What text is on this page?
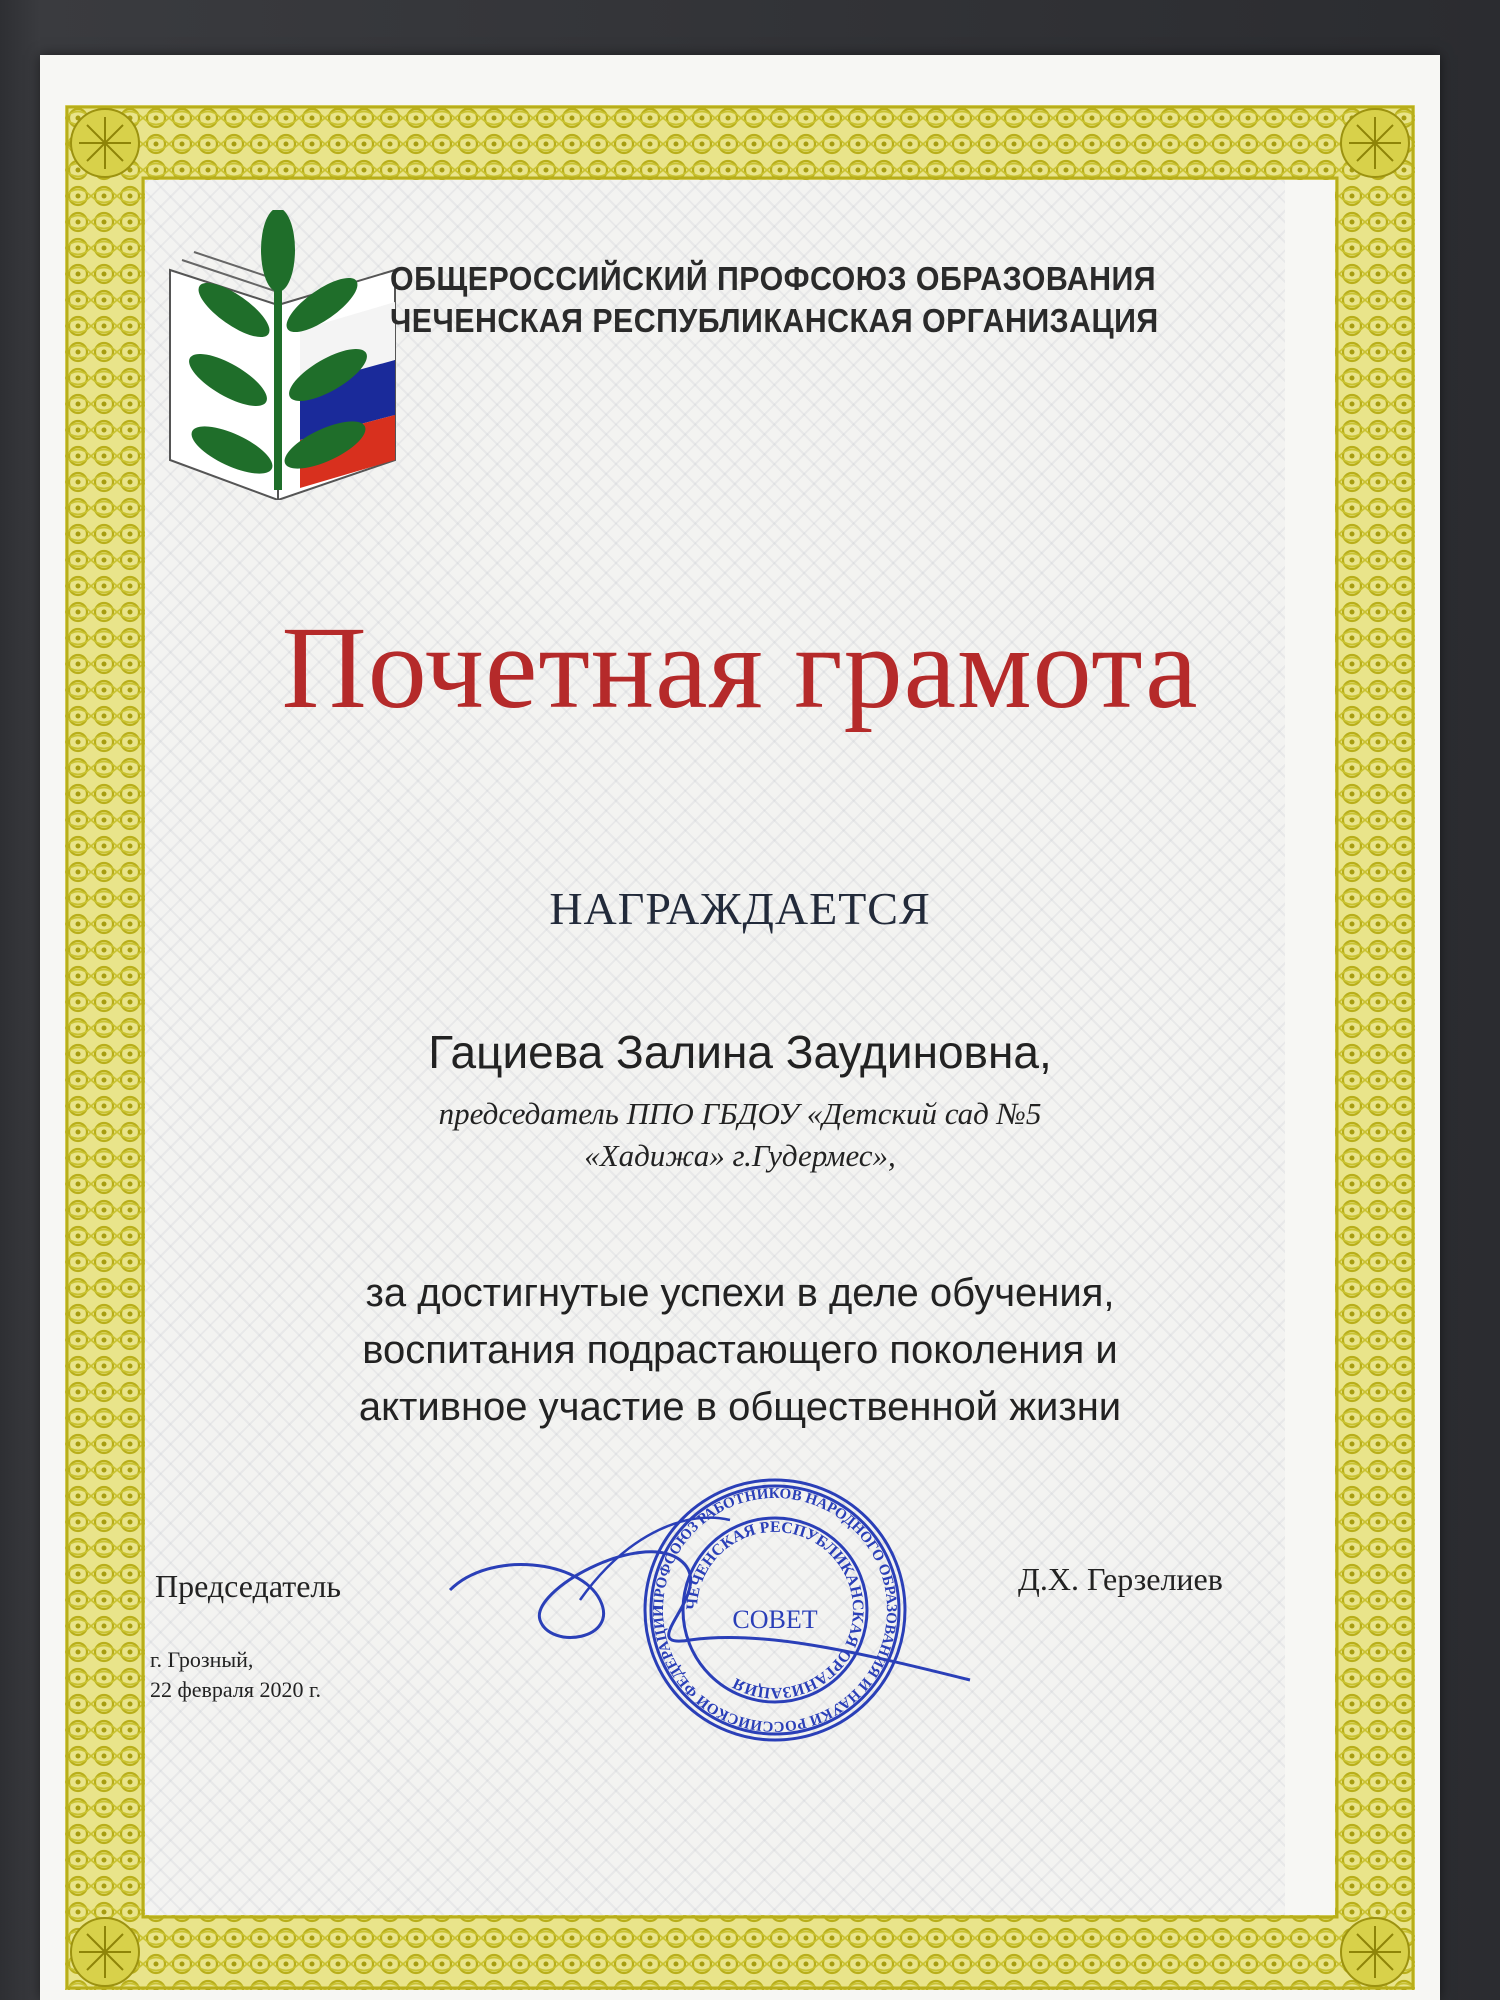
ОБЩЕРОССИЙСКИЙ ПРОФСОЮЗ ОБРАЗОВАНИЯ
ЧЕЧЕНСКАЯ РЕСПУБЛИКАНСКАЯ ОРГАНИЗАЦИЯ
Почетная грамота
НАГРАЖДАЕТСЯ
Гациева Залина Заудиновна,
председатель ППО ГБДОУ «Детский сад №5
«Хадижа» г.Гудермес»,
за достигнутые успехи в деле обучения,
воспитания подрастающего поколения и
активное участие в общественной жизни
Председатель	Д.Х. Герзелиев
г. Грозный,
22 февраля 2020 г.
ПРОФСОЮЗ РАБОТНИКОВ НАРОДНОГО ОБРАЗОВАНИЯ И НАУКИ РОССИЙСКОЙ ФЕДЕРАЦИИ
ЧЕЧЕНСКАЯ РЕСПУБЛИКАНСКАЯ ОРГАНИЗАЦИЯ
СОВЕТ
